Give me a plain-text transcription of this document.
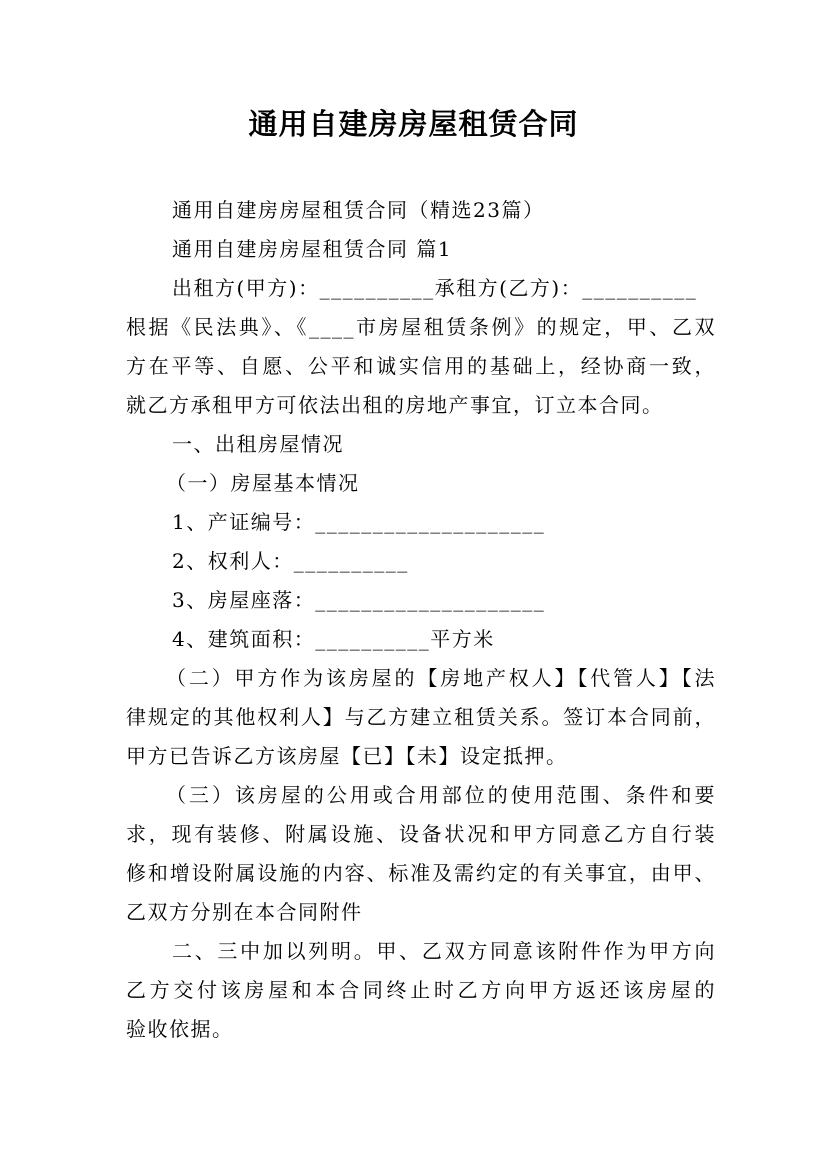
通用自建房房屋租赁合同
通用自建房房屋租赁合同（精选23篇）
通用自建房房屋租赁合同 篇1
出租方(甲方)：__________承租方(乙方)：__________
根据《民法典》、《____市房屋租赁条例》的规定，甲、乙双
方在平等、自愿、公平和诚实信用的基础上，经协商一致，
就乙方承租甲方可依法出租的房地产事宜，订立本合同。
一、出租房屋情况
（一）房屋基本情况
1、产证编号：____________________
2、权利人：__________
3、房屋座落：____________________
4、建筑面积：__________平方米
（二）甲方作为该房屋的【房地产权人】【代管人】【法
律规定的其他权利人】与乙方建立租赁关系。签订本合同前，
甲方已告诉乙方该房屋【已】【未】设定抵押。
（三）该房屋的公用或合用部位的使用范围、条件和要
求，现有装修、附属设施、设备状况和甲方同意乙方自行装
修和增设附属设施的内容、标准及需约定的有关事宜，由甲、
乙双方分别在本合同附件
二、三中加以列明。甲、乙双方同意该附件作为甲方向
乙方交付该房屋和本合同终止时乙方向甲方返还该房屋的
验收依据。
